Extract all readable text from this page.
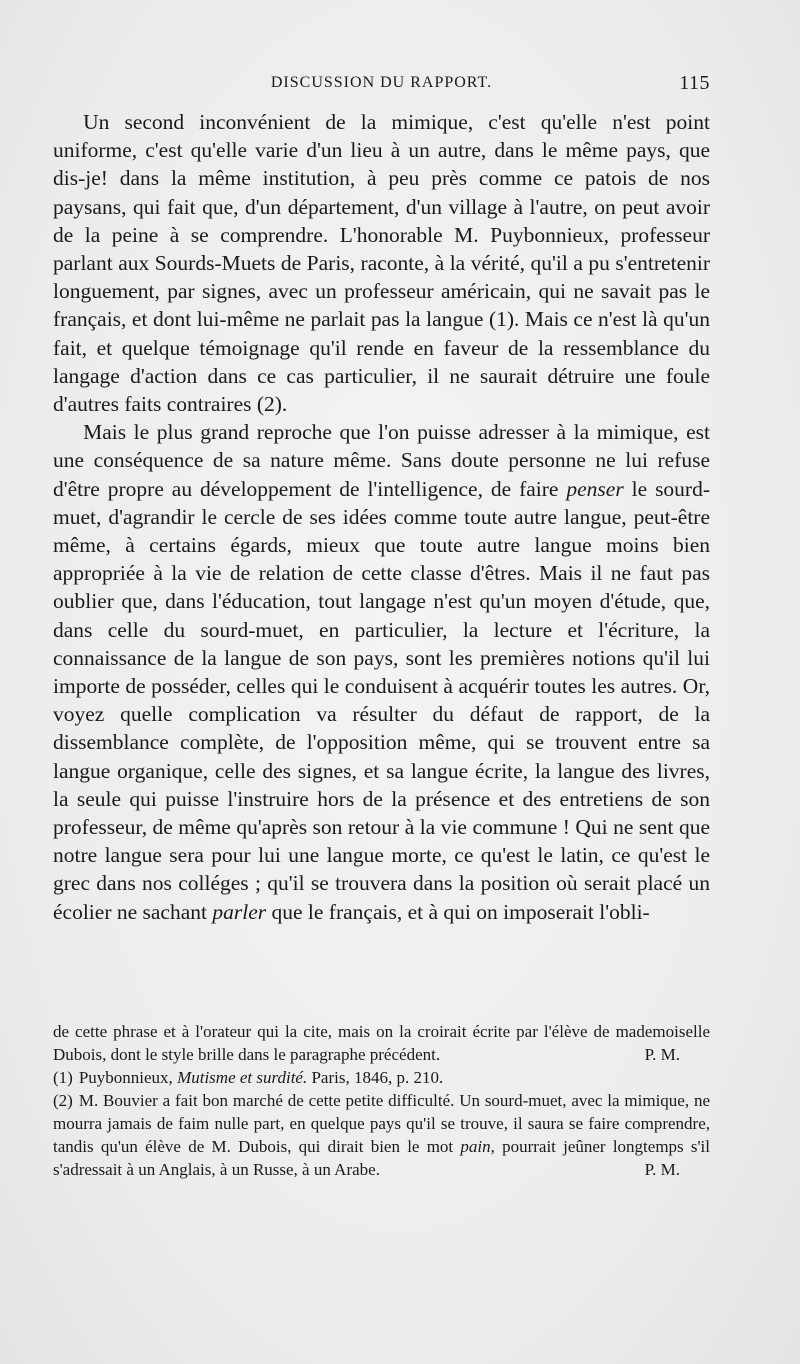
DISCUSSION DU RAPPORT.	115

Un second inconvénient de la mimique, c'est qu'elle n'est point uniforme, c'est qu'elle varie d'un lieu à un autre, dans le même pays, que dis-je! dans la même institution, à peu près comme ce patois de nos paysans, qui fait que, d'un département, d'un village à l'autre, on peut avoir de la peine à se comprendre. L'honorable M. Puybonnieux, professeur parlant aux Sourds-Muets de Paris, raconte, à la vérité, qu'il a pu s'entretenir longuement, par signes, avec un professeur américain, qui ne savait pas le français, et dont lui-même ne parlait pas la langue (1). Mais ce n'est là qu'un fait, et quelque témoignage qu'il rende en faveur de la ressemblance du langage d'action dans ce cas particulier, il ne saurait détruire une foule d'autres faits contraires (2).

Mais le plus grand reproche que l'on puisse adresser à la mimique, est une conséquence de sa nature même. Sans doute personne ne lui refuse d'être propre au développement de l'intelligence, de faire penser le sourd-muet, d'agrandir le cercle de ses idées comme toute autre langue, peut-être même, à certains égards, mieux que toute autre langue moins bien appropriée à la vie de relation de cette classe d'êtres. Mais il ne faut pas oublier que, dans l'éducation, tout langage n'est qu'un moyen d'étude, que, dans celle du sourd-muet, en particulier, la lecture et l'écriture, la connaissance de la langue de son pays, sont les premières notions qu'il lui importe de posséder, celles qui le conduisent à acquérir toutes les autres. Or, voyez quelle complication va résulter du défaut de rapport, de la dissemblance complète, de l'opposition même, qui se trouvent entre sa langue organique, celle des signes, et sa langue écrite, la langue des livres, la seule qui puisse l'instruire hors de la présence et des entretiens de son professeur, de même qu'après son retour à la vie commune ! Qui ne sent que notre langue sera pour lui une langue morte, ce qu'est le latin, ce qu'est le grec dans nos colléges ; qu'il se trouvera dans la position où serait placé un écolier ne sachant parler que le français, et à qui on imposerait l'obli-

de cette phrase et à l'orateur qui la cite, mais on la croirait écrite par l'élève de mademoiselle Dubois, dont le style brille dans le paragraphe précédent.	P. M.

(1) Puybonnieux, Mutisme et surdité. Paris, 1846, p. 210.

(2) M. Bouvier a fait bon marché de cette petite difficulté. Un sourd-muet, avec la mimique, ne mourra jamais de faim nulle part, en quelque pays qu'il se trouve, il saura se faire comprendre, tandis qu'un élève de M. Dubois, qui dirait bien le mot pain, pourrait jeûner longtemps s'il s'adressait à un Anglais, à un Russe, à un Arabe.	P. M.
